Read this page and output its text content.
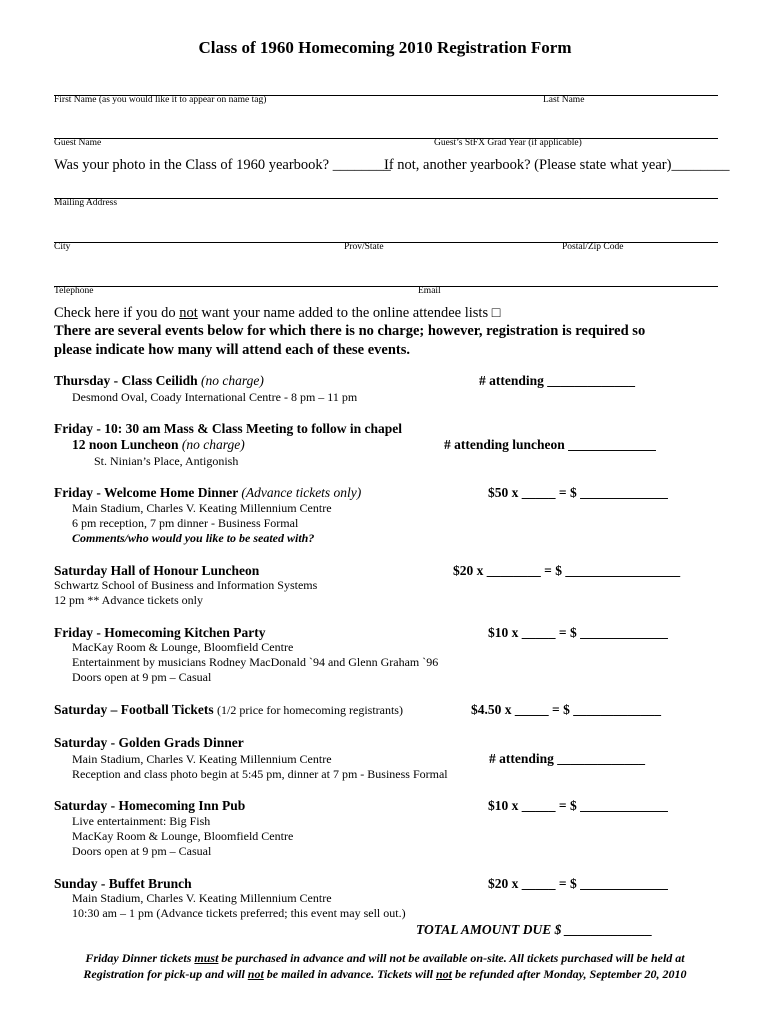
Class of 1960 Homecoming 2010 Registration Form
First Name (as you would like it to appear on name tag)	Last Name
Guest Name	Guest’s StFX Grad Year (if applicable)
Was your photo in the Class of 1960 yearbook? ________
If not, another yearbook? (Please state what year)________
Mailing Address
City	Prov/State	Postal/Zip Code
Telephone	Email
Check here if you do not want your name added to the online attendee lists □
There are several events below for which there is no charge; however, registration is required so
please indicate how many will attend each of these events.
Thursday - Class Ceilidh (no charge)
Desmond Oval, Coady International Centre - 8 pm – 11 pm
# attending _____________
Friday - 10: 30 am Mass & Class Meeting to follow in chapel
12 noon Luncheon (no charge)
St. Ninian’s Place, Antigonish
# attending luncheon _____________
Friday - Welcome Home Dinner (Advance tickets only)
Main Stadium, Charles V. Keating Millennium Centre
6 pm reception, 7 pm dinner - Business Formal
Comments/who would you like to be seated with?
$50 x _____ = $ _____________
Saturday Hall of Honour Luncheon
Schwartz School of Business and Information Systems
12 pm ** Advance tickets only
$20 x ________ = $ _________________
Friday - Homecoming Kitchen Party
MacKay Room & Lounge, Bloomfield Centre
Entertainment by musicians Rodney MacDonald `94 and Glenn Graham `96
Doors open at 9 pm – Casual
$10 x _____ = $ _____________
Saturday – Football Tickets (1/2 price for homecoming registrants)	$4.50 x _____ = $ _____________
Saturday - Golden Grads Dinner
Main Stadium, Charles V. Keating Millennium Centre
Reception and class photo begin at 5:45 pm, dinner at 7 pm - Business Formal
# attending _____________
Saturday - Homecoming Inn Pub
Live entertainment: Big Fish
MacKay Room & Lounge, Bloomfield Centre
Doors open at 9 pm – Casual
$10 x _____ = $ _____________
Sunday - Buffet Brunch
Main Stadium, Charles V. Keating Millennium Centre
10:30 am – 1 pm (Advance tickets preferred; this event may sell out.)
$20 x _____ = $ _____________
TOTAL AMOUNT DUE $ _____________
Friday Dinner tickets must be purchased in advance and will not be available on-site. All tickets purchased will be held at
Registration for pick-up and will not be mailed in advance. Tickets will not be refunded after Monday, September 20, 2010
